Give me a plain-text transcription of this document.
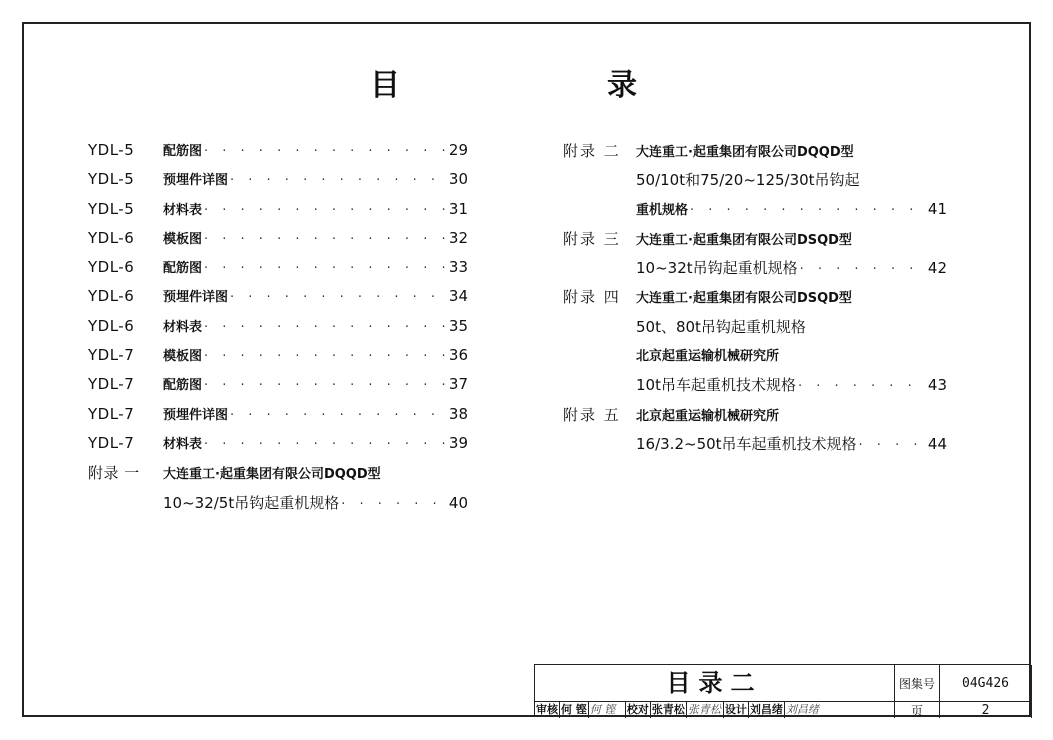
目	录
YDL-5	配筋图 · · ·	29
YDL-5	预埋件详图 · · ·	30
YDL-5	材料表 · · ·	31
YDL-6	模板图 · · ·	32
YDL-6	配筋图 · · ·	33
YDL-6	预埋件详图 · · ·	34
YDL-6	材料表 · · ·	35
YDL-7	模板图 · · ·	36
YDL-7	配筋图 · · ·	37
YDL-7	预埋件详图 · · ·	38
YDL-7	材料表 · · ·	39
附录 一	大连重工·起重集团有限公司DQQD型
10~32/5t吊钩起重机规格 · · ·	40
附录 二	大连重工·起重集团有限公司DQQD型
50/10t和75/20~125/30t吊钩起
重机规格 · · ·	41
附录 三	大连重工·起重集团有限公司DSQD型
10~32t吊钩起重机规格 · · ·	42
附录 四	大连重工·起重集团有限公司DSQD型
50t、80t吊钩起重机规格
北京起重运输机械研究所
10t吊车起重机技术规格 · · ·	43
附录 五	北京起重运输机械研究所
16/3.2~50t吊车起重机技术规格 · · ·	44
目录二
审核 何 铿 何 铿	校对 张青松 张青松 设计 刘昌绪 刘昌绪
图集号	04G426
页	2
